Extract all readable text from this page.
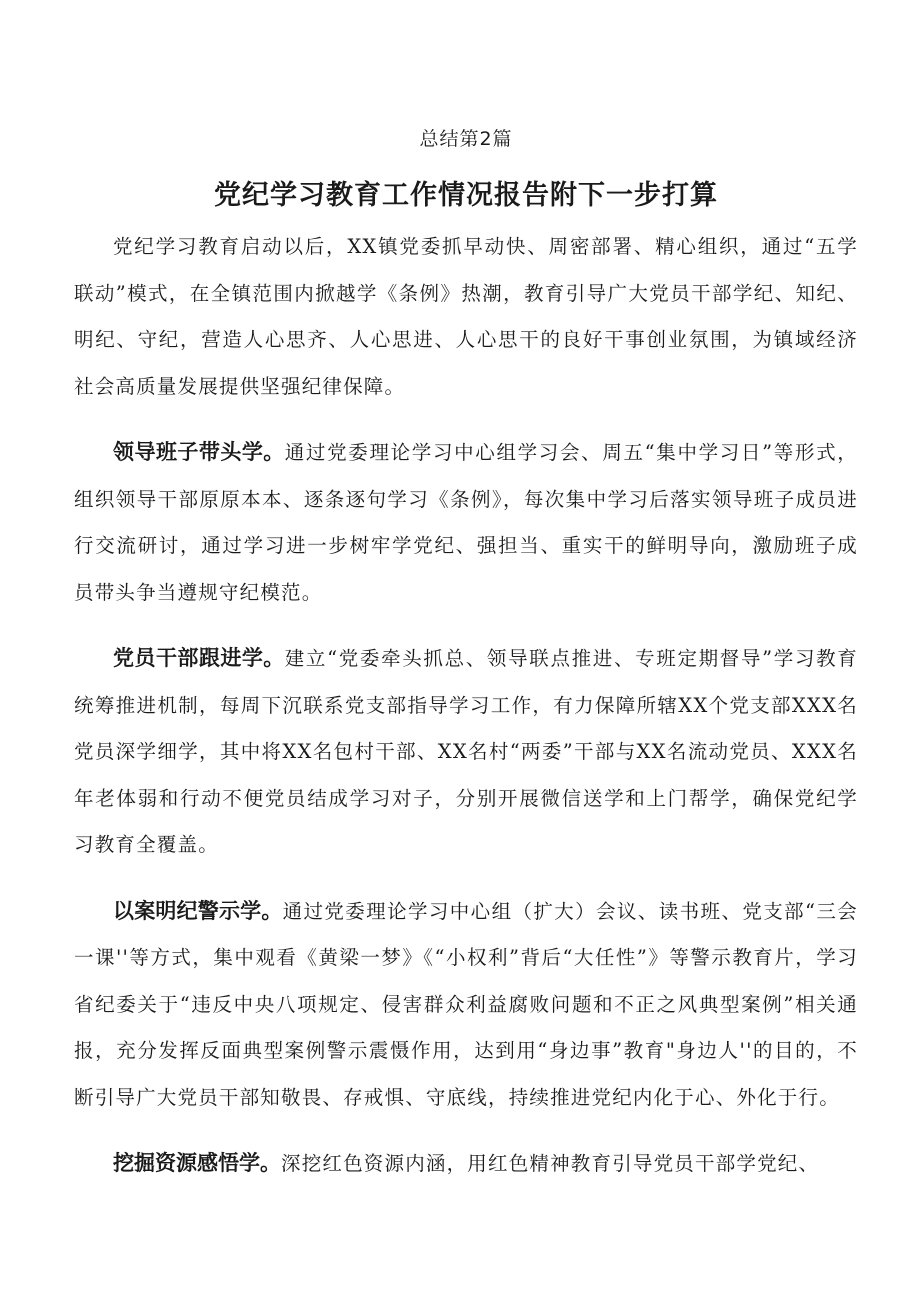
总结第2篇
党纪学习教育工作情况报告附下一步打算

党纪学习教育启动以后，XX镇党委抓早动快、周密部署、精心组织，通过“五学联动”模式，在全镇范围内掀越学《条例》热潮，教育引导广大党员干部学纪、知纪、明纪、守纪，营造人心思齐、人心思进、人心思干的良好干事创业氛围，为镇域经济社会高质量发展提供坚强纪律保障。

领导班子带头学。通过党委理论学习中心组学习会、周五“集中学习日”等形式，组织领导干部原原本本、逐条逐句学习《条例》，每次集中学习后落实领导班子成员进行交流研讨，通过学习进一步树牢学党纪、强担当、重实干的鲜明导向，激励班子成员带头争当遵规守纪模范。

党员干部跟进学。建立“党委牵头抓总、领导联点推进、专班定期督导”学习教育统筹推进机制，每周下沉联系党支部指导学习工作，有力保障所辖XX个党支部XXX名党员深学细学，其中将XX名包村干部、XX名村“两委”干部与XX名流动党员、XXX名年老体弱和行动不便党员结成学习对子，分别开展微信送学和上门帮学，确保党纪学习教育全覆盖。

以案明纪警示学。通过党委理论学习中心组（扩大）会议、读书班、党支部“三会一课''等方式，集中观看《黄梁一梦》《“小权利”背后“大任性”》等警示教育片，学习省纪委关于“违反中央八项规定、侵害群众利益腐败问题和不正之风典型案例”相关通报，充分发挥反面典型案例警示震慑作用，达到用“身边事”教育"身边人''的目的，不断引导广大党员干部知敬畏、存戒惧、守底线，持续推进党纪内化于心、外化于行。

挖掘资源感悟学。深挖红色资源内涵，用红色精神教育引导党员干部学党纪、
